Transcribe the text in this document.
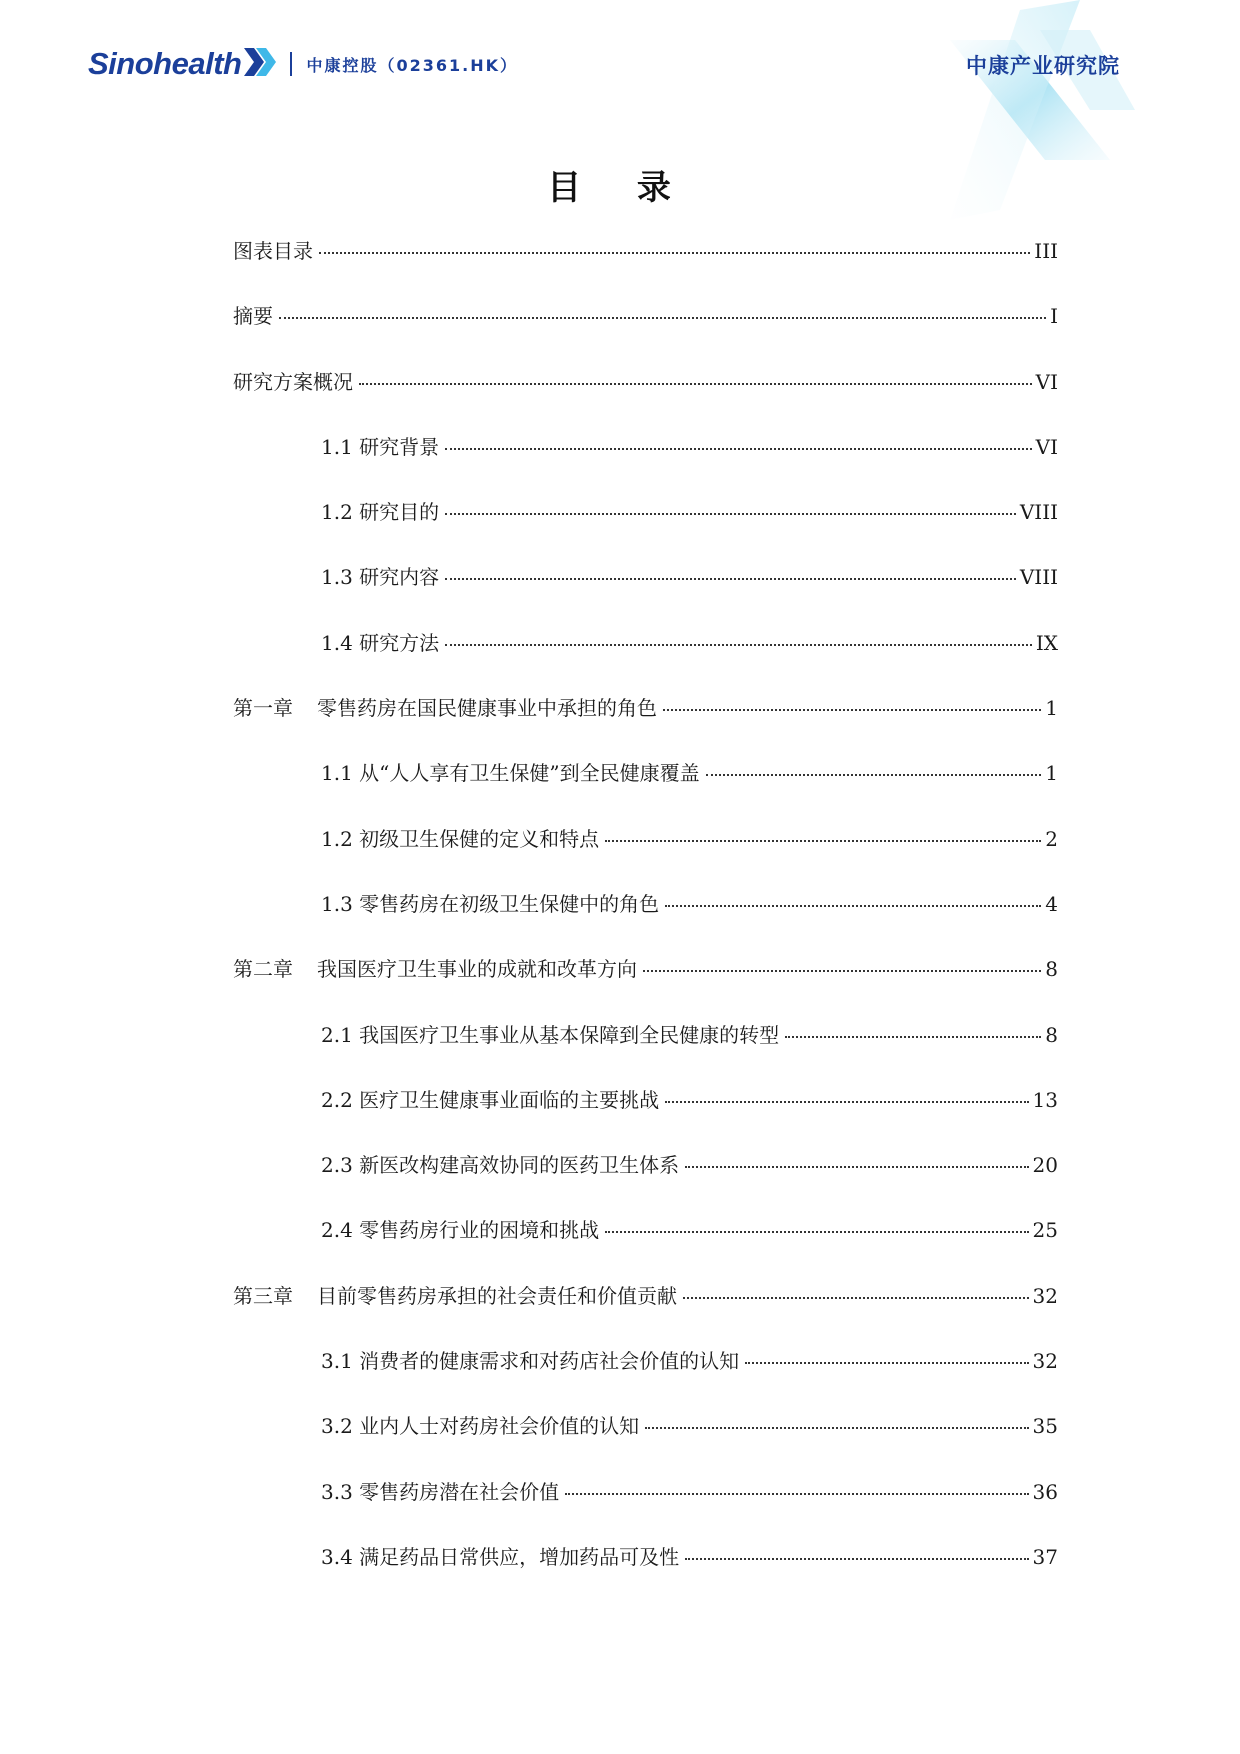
Sinohealth	中康控股（02361.HK）	中康产业研究院
目 录
图表目录	III
摘要	I
研究方案概况	VI
1.1 研究背景	VI
1.2 研究目的	VIII
1.3 研究内容	VIII
1.4 研究方法	IX
第一章 零售药房在国民健康事业中承担的角色	1
1.1 从“人人享有卫生保健”到全民健康覆盖	1
1.2 初级卫生保健的定义和特点	2
1.3 零售药房在初级卫生保健中的角色	4
第二章 我国医疗卫生事业的成就和改革方向	8
2.1 我国医疗卫生事业从基本保障到全民健康的转型	8
2.2 医疗卫生健康事业面临的主要挑战	13
2.3 新医改构建高效协同的医药卫生体系	20
2.4 零售药房行业的困境和挑战	25
第三章 目前零售药房承担的社会责任和价值贡献	32
3.1 消费者的健康需求和对药店社会价值的认知	32
3.2 业内人士对药房社会价值的认知	35
3.3 零售药房潜在社会价值	36
3.4 满足药品日常供应，增加药品可及性	37
